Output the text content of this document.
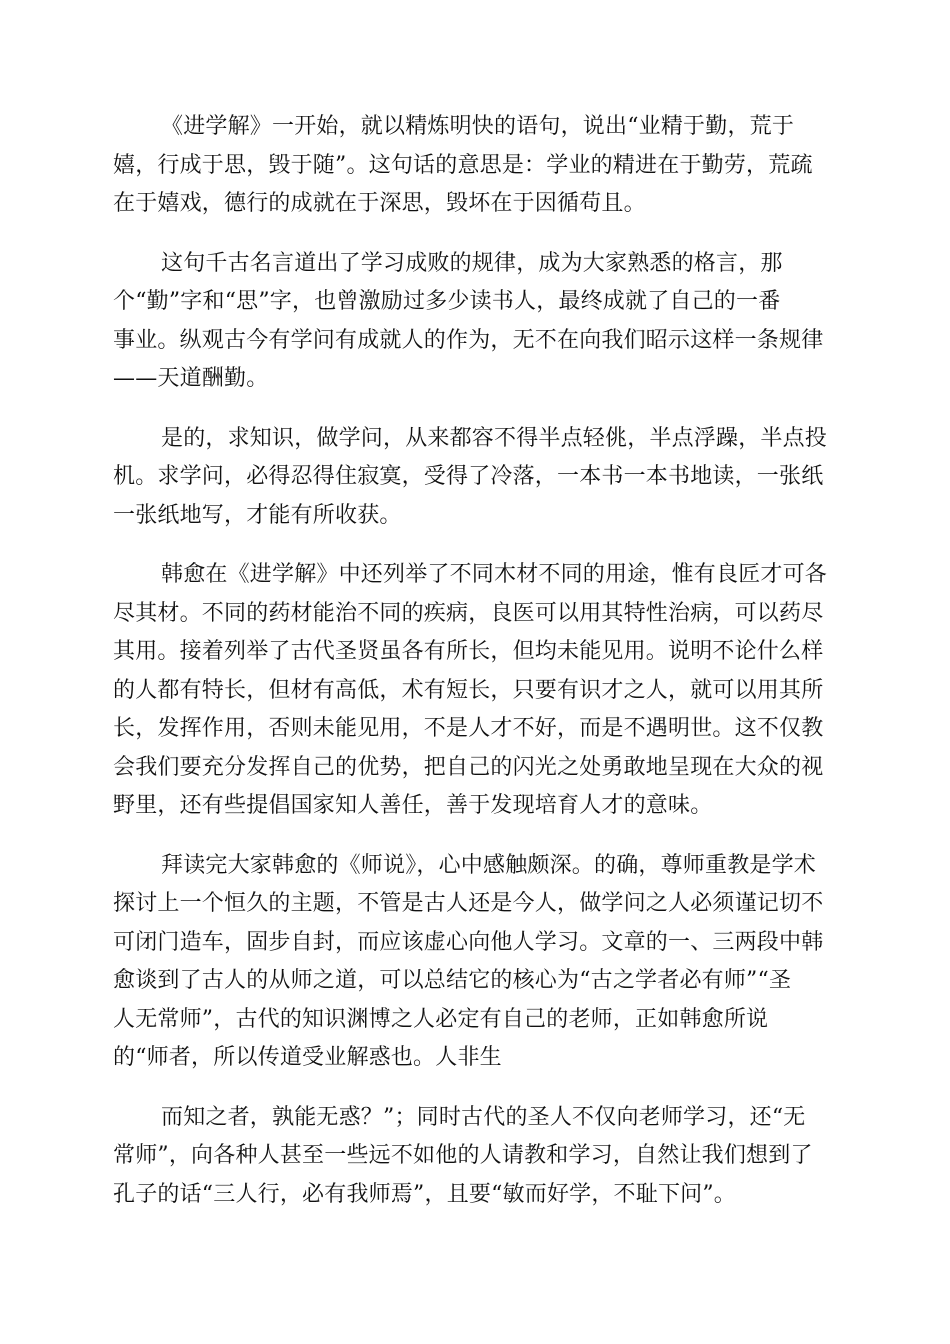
《进学解》一开始，就以精炼明快的语句，说出“业精于勤，荒于
嬉，行成于思，毁于随”。这句话的意思是：学业的精进在于勤劳，荒疏
在于嬉戏，德行的成就在于深思，毁坏在于因循苟且。

这句千古名言道出了学习成败的规律，成为大家熟悉的格言，那
个“勤”字和“思”字，也曾激励过多少读书人，最终成就了自己的一番
事业。纵观古今有学问有成就人的作为，无不在向我们昭示这样一条规律
——天道酬勤。

是的，求知识，做学问，从来都容不得半点轻佻，半点浮躁，半点投
机。求学问，必得忍得住寂寞，受得了冷落，一本书一本书地读，一张纸
一张纸地写，才能有所收获。

韩愈在《进学解》中还列举了不同木材不同的用途，惟有良匠才可各
尽其材。不同的药材能治不同的疾病，良医可以用其特性治病，可以药尽
其用。接着列举了古代圣贤虽各有所长，但均未能见用。说明不论什么样
的人都有特长，但材有高低，术有短长，只要有识才之人，就可以用其所
长，发挥作用，否则未能见用，不是人才不好，而是不遇明世。这不仅教
会我们要充分发挥自己的优势，把自己的闪光之处勇敢地呈现在大众的视
野里，还有些提倡国家知人善任，善于发现培育人才的意味。

拜读完大家韩愈的《师说》，心中感触颇深。的确，尊师重教是学术
探讨上一个恒久的主题，不管是古人还是今人，做学问之人必须谨记切不
可闭门造车，固步自封，而应该虚心向他人学习。文章的一、三两段中韩
愈谈到了古人的从师之道，可以总结它的核心为“古之学者必有师”“圣
人无常师”，古代的知识渊博之人必定有自己的老师，正如韩愈所说
的“师者，所以传道受业解惑也。人非生

而知之者，孰能无惑？”；同时古代的圣人不仅向老师学习，还“无
常师”，向各种人甚至一些远不如他的人请教和学习，自然让我们想到了
孔子的话“三人行，必有我师焉”，且要“敏而好学，不耻下问”。
